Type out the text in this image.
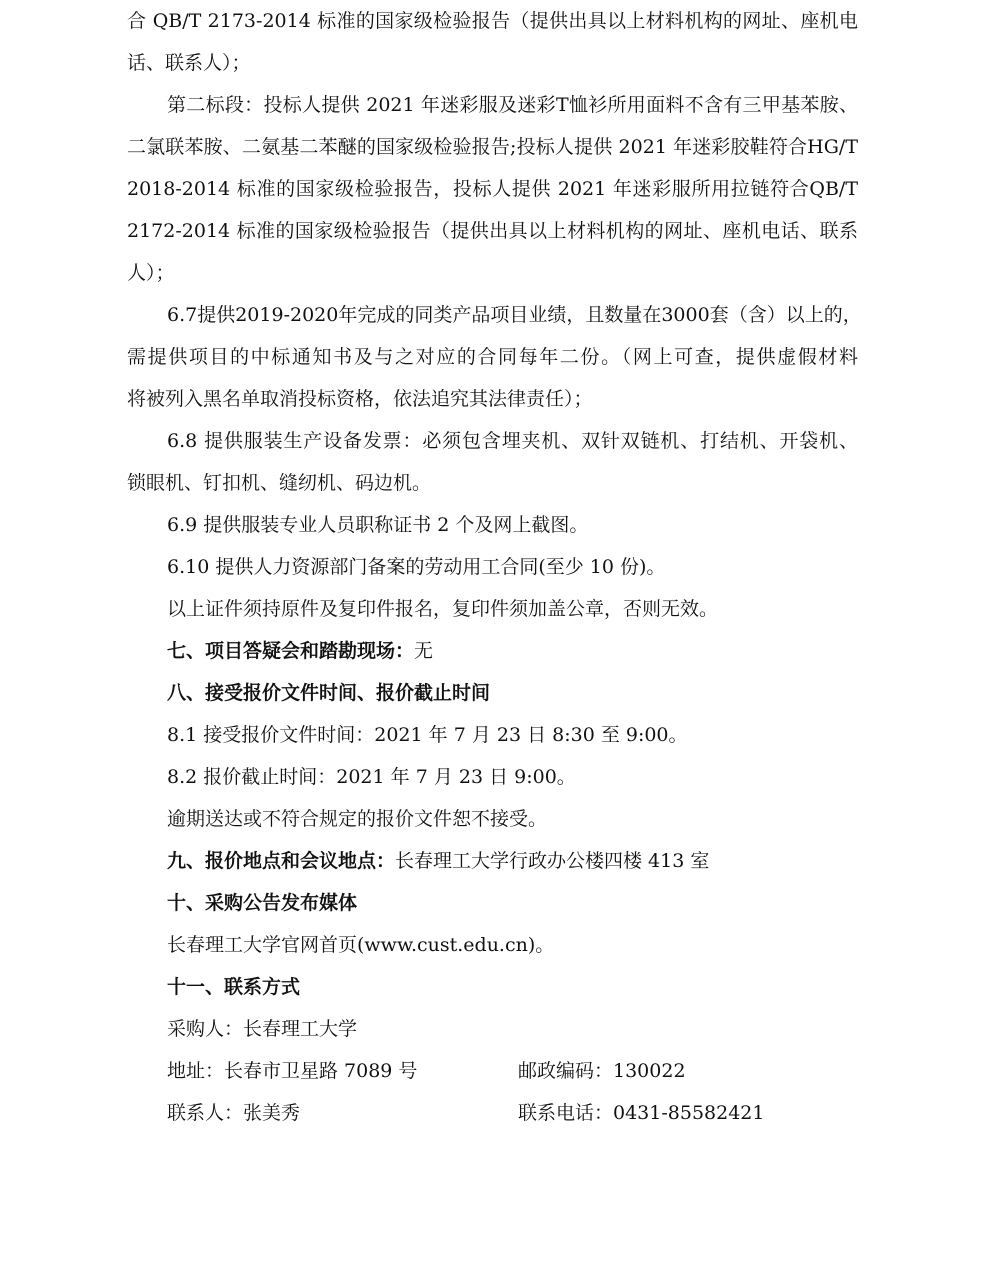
合 QB/T 2173-2014 标准的国家级检验报告（提供出具以上材料机构的网址、座机电
话、联系人）；
第二标段：投标人提供 2021 年迷彩服及迷彩T恤衫所用面料不含有三甲基苯胺、
二氯联苯胺、二氨基二苯醚的国家级检验报告;投标人提供 2021 年迷彩胶鞋符合HG/T
2018-2014 标准的国家级检验报告，投标人提供 2021 年迷彩服所用拉链符合QB/T
2172-2014 标准的国家级检验报告（提供出具以上材料机构的网址、座机电话、联系
人）；
6.7提供2019-2020年完成的同类产品项目业绩，且数量在3000套（含）以上的，
需提供项目的中标通知书及与之对应的合同每年二份。（网上可查，提供虚假材料
将被列入黑名单取消投标资格，依法追究其法律责任）；
6.8 提供服装生产设备发票：必须包含埋夹机、双针双链机、打结机、开袋机、
锁眼机、钉扣机、缝纫机、码边机。
6.9 提供服装专业人员职称证书 2 个及网上截图。
6.10 提供人力资源部门备案的劳动用工合同(至少 10 份)。
以上证件须持原件及复印件报名，复印件须加盖公章，否则无效。
七、项目答疑会和踏勘现场：无
八、接受报价文件时间、报价截止时间
8.1 接受报价文件时间：2021 年 7 月 23 日 8:30 至 9:00。
8.2 报价截止时间：2021 年 7 月 23 日 9:00。
逾期送达或不符合规定的报价文件恕不接受。
九、报价地点和会议地点：长春理工大学行政办公楼四楼 413 室
十、采购公告发布媒体
长春理工大学官网首页(www.cust.edu.cn)。
十一、联系方式
采购人：长春理工大学
地址：长春市卫星路 7089 号	邮政编码：130022
联系人：张美秀	联系电话：0431-85582421
